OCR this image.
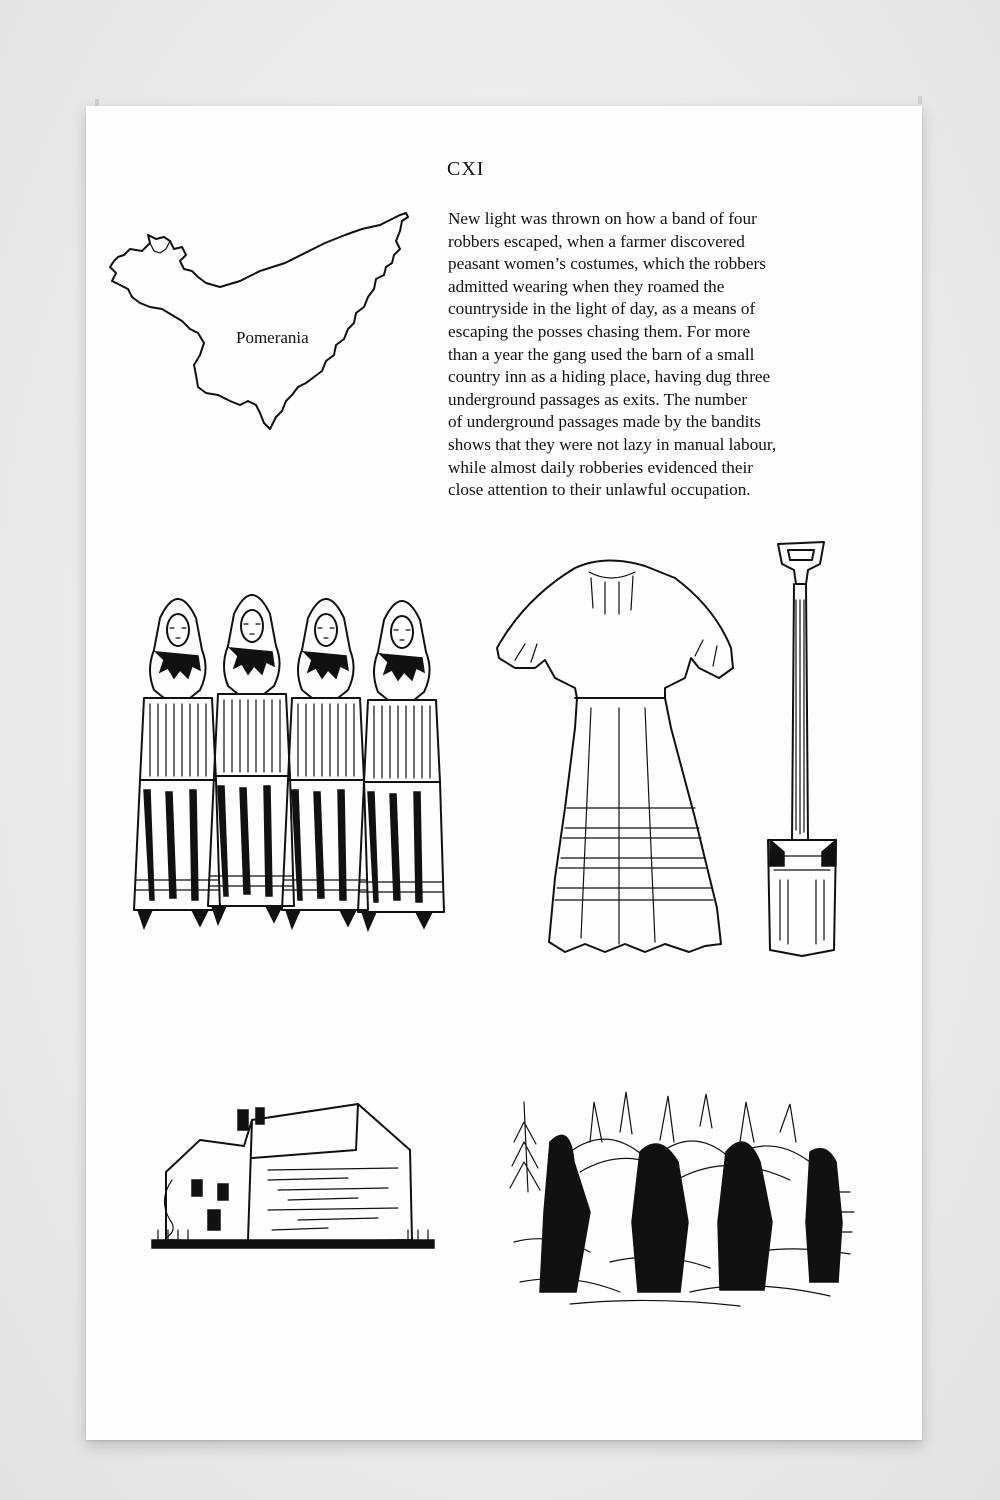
CXI

New light was thrown on how a band of four
robbers escaped, when a farmer discovered
peasant women’s costumes, which the robbers
admitted wearing when they roamed the
countryside in the light of day, as a means of
escaping the posses chasing them. For more
than a year the gang used the barn of a small
country inn as a hiding place, having dug three
underground passages as exits. The number
of underground passages made by the bandits
shows that they were not lazy in manual labour,
while almost daily robberies evidenced their
close attention to their unlawful occupation.

Pomerania
